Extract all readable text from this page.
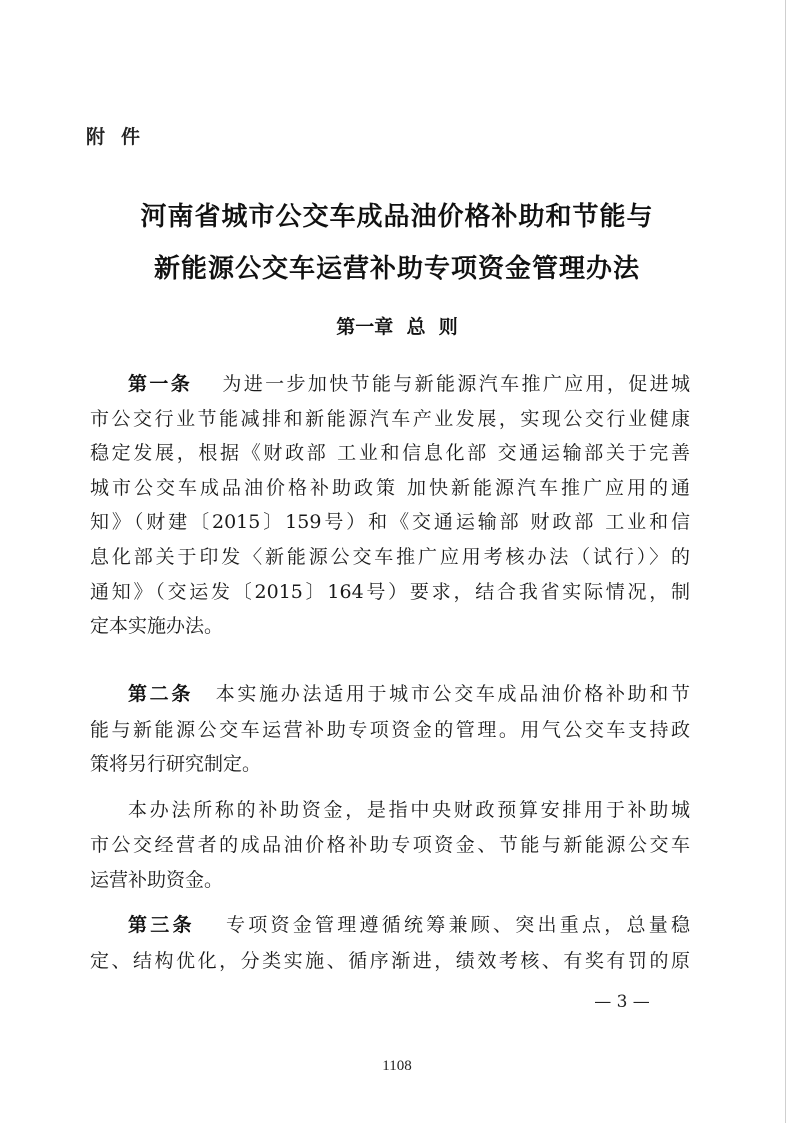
附件
河南省城市公交车成品油价格补助和节能与
新能源公交车运营补助专项资金管理办法
第一章  总  则
第一条 为进一步加快节能与新能源汽车推广应用，促进城
市公交行业节能减排和新能源汽车产业发展，实现公交行业健康
稳定发展，根据《财政部 工业和信息化部 交通运输部关于完善
城市公交车成品油价格补助政策 加快新能源汽车推广应用的通
知》（财建〔2015〕159号）和《交通运输部 财政部 工业和信
息化部关于印发〈新能源公交车推广应用考核办法（试行）〉的
通知》（交运发〔2015〕164号）要求，结合我省实际情况，制
定本实施办法。
第二条 本实施办法适用于城市公交车成品油价格补助和节
能与新能源公交车运营补助专项资金的管理。用气公交车支持政
策将另行研究制定。
本办法所称的补助资金，是指中央财政预算安排用于补助城
市公交经营者的成品油价格补助专项资金、节能与新能源公交车
运营补助资金。
第三条 专项资金管理遵循统筹兼顾、突出重点，总量稳
定、结构优化，分类实施、循序渐进，绩效考核、有奖有罚的原
— 3 —
1108
